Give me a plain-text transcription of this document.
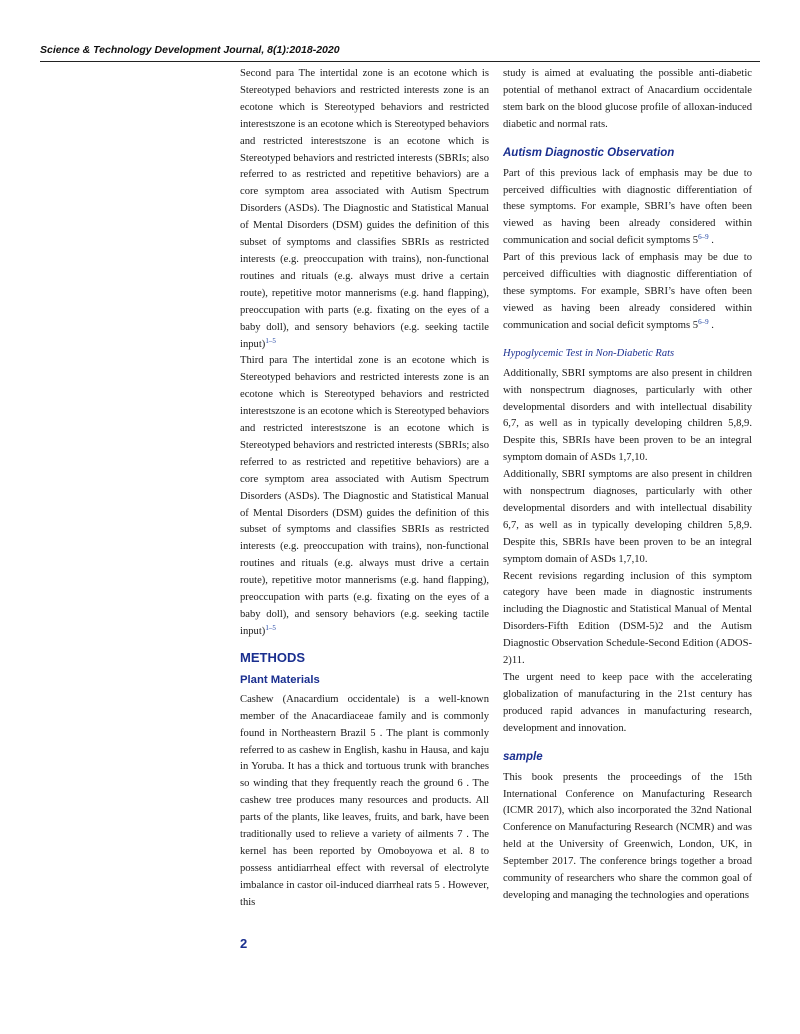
Science & Technology Development Journal, 8(1):2018-2020

Second para The intertidal zone is an ecotone which is Stereotyped behaviors and restricted interests zone is an ecotone which is Stereotyped behaviors and restricted interestszone is an ecotone which is Stereotyped behaviors and restricted interestszone is an ecotone which is Stereotyped behaviors and restricted interests (SBRIs; also referred to as restricted and repetitive behaviors) are a core symptom area associated with Autism Spectrum Disorders (ASDs). The Diagnostic and Statistical Manual of Mental Disorders (DSM) guides the definition of this subset of symptoms and classifies SBRIs as restricted interests (e.g. preoccupation with trains), non-functional routines and rituals (e.g. always must drive a certain route), repetitive motor mannerisms (e.g. hand flapping), preoccupation with parts (e.g. fixating on the eyes of a baby doll), and sensory behaviors (e.g. seeking tactile input)$^{1-5}$

Third para The intertidal zone is an ecotone which is Stereotyped behaviors and restricted interests zone is an ecotone which is Stereotyped behaviors and restricted interestszone is an ecotone which is Stereotyped behaviors and restricted interestszone is an ecotone which is Stereotyped behaviors and restricted interests (SBRIs; also referred to as restricted and repetitive behaviors) are a core symptom area associated with Autism Spectrum Disorders (ASDs). The Diagnostic and Statistical Manual of Mental Disorders (DSM) guides the definition of this subset of symptoms and classifies SBRIs as restricted interests (e.g. preoccupation with trains), non-functional routines and rituals (e.g. always must drive a certain route), repetitive motor mannerisms (e.g. hand flapping), preoccupation with parts (e.g. fixating on the eyes of a baby doll), and sensory behaviors (e.g. seeking tactile input)$^{1-5}$

METHODS
Plant Materials

Cashew (Anacardium occidentale) is a well-known member of the Anacardiaceae family and is commonly found in Northeastern Brazil 5 . The plant is commonly referred to as cashew in English, kashu in Hausa, and kaju in Yoruba. It has a thick and tortuous trunk with branches so winding that they frequently reach the ground 6 . The cashew tree produces many resources and products. All parts of the plants, like leaves, fruits, and bark, have been traditionally used to relieve a variety of ailments 7 . The kernel has been reported by Omoboyowa et al. 8 to possess antidiarrheal effect with reversal of electrolyte imbalance in castor oil-induced diarrheal rats 5 . However, this

study is aimed at evaluating the possible anti-diabetic potential of methanol extract of Anacardium occidentale stem bark on the blood glucose profile of alloxan-induced diabetic and normal rats.

Autism Diagnostic Observation

Part of this previous lack of emphasis may be due to perceived difficulties with diagnostic differentiation of these symptoms. For example, SBRI’s have often been viewed as having been already considered within communication and social deficit symptoms 5$^{6-9}$ .

Part of this previous lack of emphasis may be due to perceived difficulties with diagnostic differentiation of these symptoms. For example, SBRI’s have often been viewed as having been already considered within communication and social deficit symptoms 5$^{6-9}$ .

Hypoglycemic Test in Non-Diabetic Rats

Additionally, SBRI symptoms are also present in children with nonspectrum diagnoses, particularly with other developmental disorders and with intellectual disability 6,7, as well as in typically developing children 5,8,9. Despite this, SBRIs have been proven to be an integral symptom domain of ASDs 1,7,10.

Additionally, SBRI symptoms are also present in children with nonspectrum diagnoses, particularly with other developmental disorders and with intellectual disability 6,7, as well as in typically developing children 5,8,9. Despite this, SBRIs have been proven to be an integral symptom domain of ASDs 1,7,10.

Recent revisions regarding inclusion of this symptom category have been made in diagnostic instruments including the Diagnostic and Statistical Manual of Mental Disorders-Fifth Edition (DSM-5)2 and the Autism Diagnostic Observation Schedule-Second Edition (ADOS- 2)11.

The urgent need to keep pace with the accelerating globalization of manufacturing in the 21st century has produced rapid advances in manufacturing research, development and innovation.

sample

This book presents the proceedings of the 15th International Conference on Manufacturing Research (ICMR 2017), which also incorporated the 32nd National Conference on Manufacturing Research (NCMR) and was held at the University of Greenwich, London, UK, in September 2017. The conference brings together a broad community of researchers who share the common goal of developing and managing the technologies and operations

2
